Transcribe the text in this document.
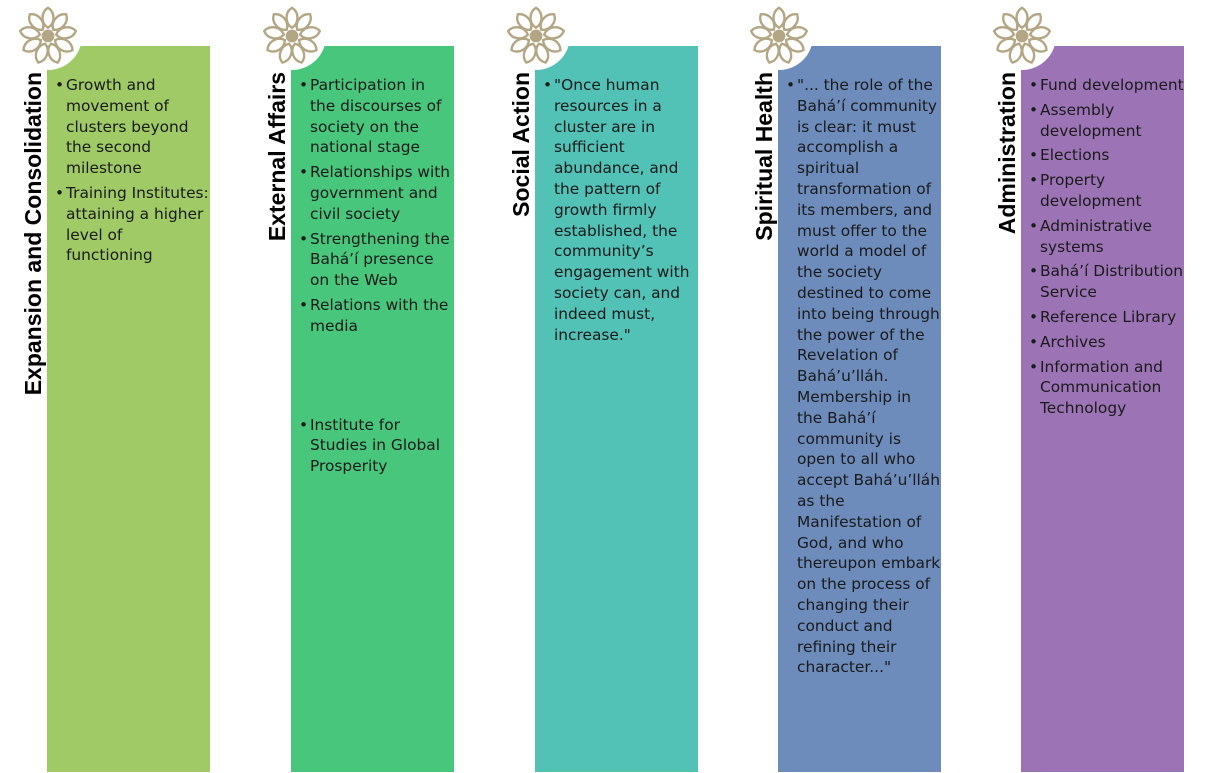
Expansion and Consolidation	• Growth and movement of clusters beyond the second milestone
• Training Institutes: attaining a higher level of functioning
External Affairs	• Participation in the discourses of society on the national stage
• Relationships with government and civil society
• Strengthening the Bahá’í presence on the Web
• Relations with the media
• Institute for Studies in Global Prosperity
Social Action	• "Once human resources in a cluster are in sufficient abundance, and the pattern of growth firmly established, the community’s engagement with society can, and indeed must, increase."
Spiritual Health	• "... the role of the Bahá’í community is clear: it must accomplish a spiritual transformation of its members, and must offer to the world a model of the society destined to come into being through the power of the Revelation of Bahá’u’lláh. Membership in the Bahá’í community is open to all who accept Bahá’u’lláh as the Manifestation of God, and who thereupon embark on the process of changing their conduct and refining their character..."
Administration	• Fund development
• Assembly development
• Elections
• Property development
• Administrative systems
• Bahá’í Distribution Service
• Reference Library
• Archives
• Information and Communication Technology
